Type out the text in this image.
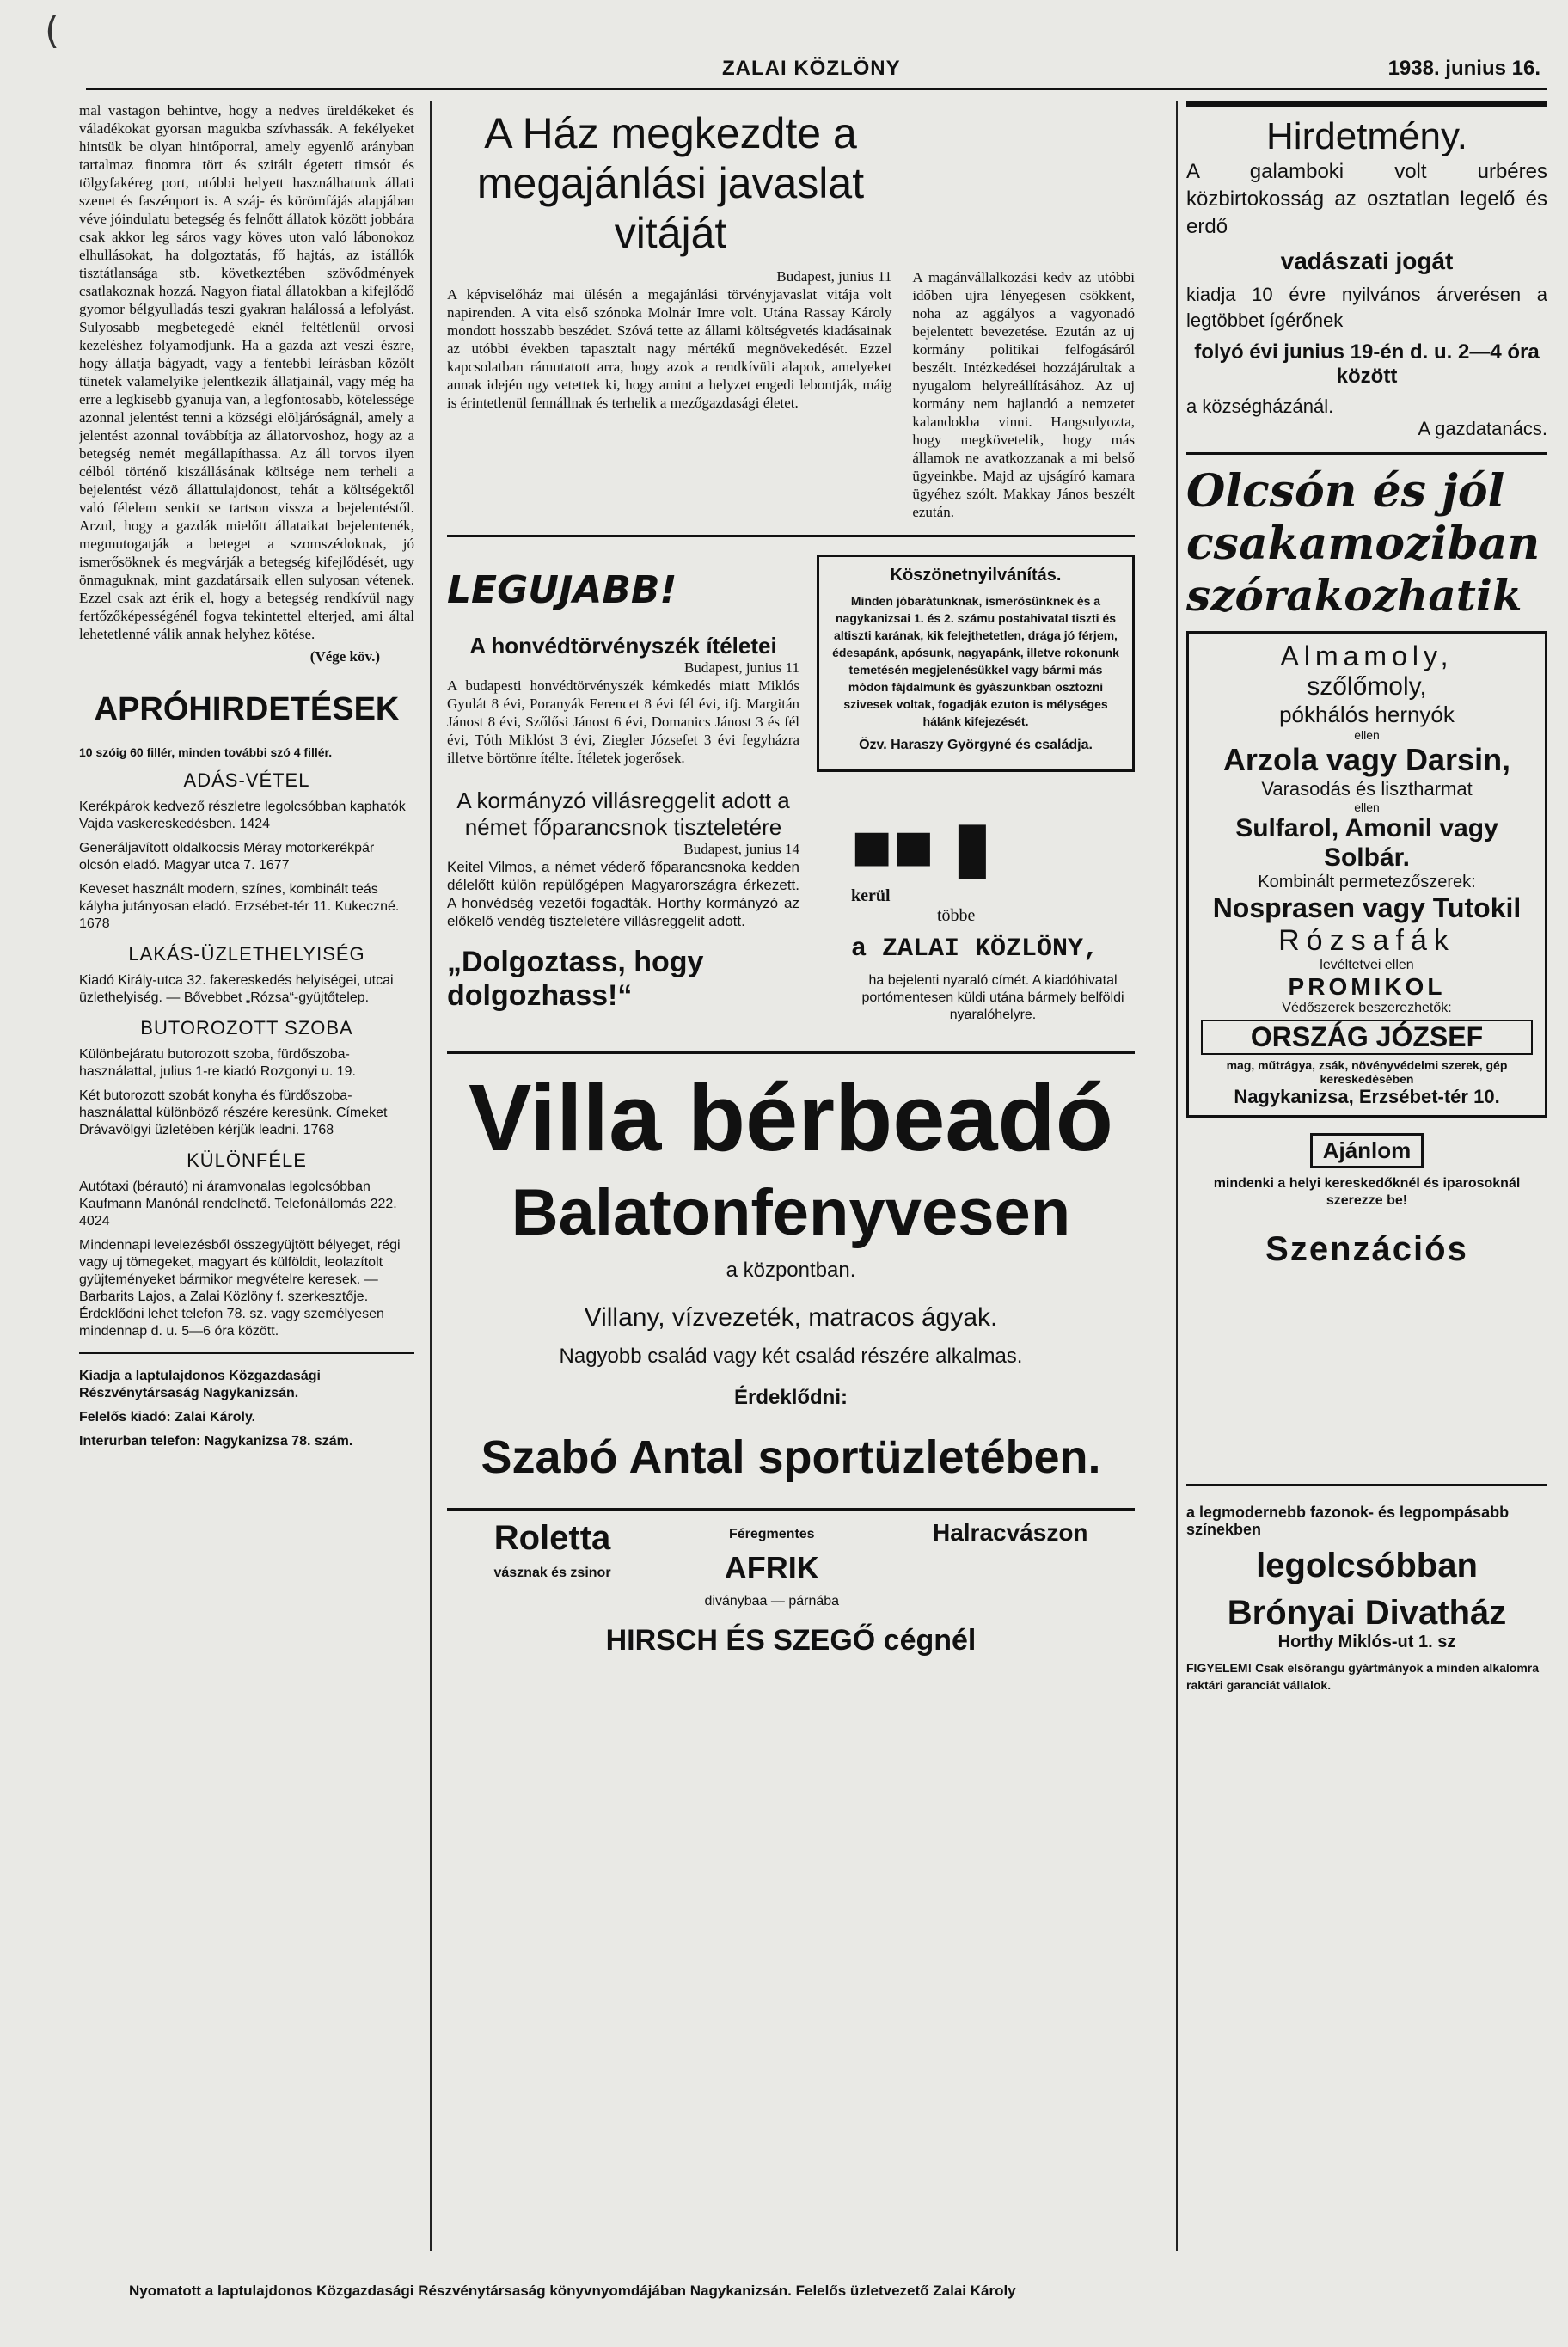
(
ZALAI KÖZLÖNY	1938. junius 16.
mal vastagon behintve, hogy a nedves üreldékeket és váladékokat gyorsan magukba szívhassák. A fekélyeket hintsük be olyan hintőporral, amely egyenlő arányban tartalmaz finomra tört és szitált égetett timsót és tölgyfakéreg port, utóbbi helyett használhatunk állati szenet és faszénport is. A száj- és körömfájás alapjában véve jóindulatu betegség és felnőtt állatok között jobbára csak akkor leg sáros vagy köves uton való lábonokoz elhullásokat, ha dolgoztatás, fő hajtás, az istállók tisztátlansága stb. következtében szövődmények csatlakoznak hozzá. Nagyon fiatal állatokban a kifejlődő gyomor bélgyulladás teszi gyakran halálossá a lefolyást. Sulyosabb megbetegedé eknél feltétlenül orvosi kezeléshez folyamodjunk. Ha a gazda azt veszi észre, hogy állatja bágyadt, vagy a fentebbi leírásban közölt tünetek valamelyike jelentkezik állatjainál, vagy még ha erre a legkisebb gyanuja van, a legfontosabb, kötelessége azonnal jelentést tenni a községi elöljáróságnál, amely a jelentést azonnal továbbítja az állatorvoshoz, hogy az a betegség nemét megállapíthassa. Az áll torvos ilyen célból történő kiszállásának költsége nem terheli a bejelentést vézö állattulajdonost, tehát a költségektől való félelem senkit se tartson vissza a bejelentéstől. Arzul, hogy a gazdák mielőtt állataikat bejelentenék, megmutogatják a beteget a szomszédoknak, jó ismerősöknek és megvárják a betegség kifejlődését, ugy önmaguknak, mint gazdatársaik ellen sulyosan vétenek. Ezzel csak azt érik el, hogy a betegség rendkívül nagy fertőzőképességénél fogva tekintettel elterjed, ami által lehetetlenné válik annak helyhez kötése.
(Vége köv.)
APRÓHIRDETÉSEK
10 szóig 60 fillér, minden további szó 4 fillér.
ADÁS-VÉTEL
Kerékpárok kedvező részletre legolcsóbban kaphatók Vajda vaskereskedésben. 1424
Generáljavított oldalkocsis Méray motorkerékpár olcsón eladó. Magyar utca 7. 1677
Keveset használt modern, színes, kombinált teás kályha jutányosan eladó. Erzsébet-tér 11. Kukeczné. 1678
LAKÁS-ÜZLETHELYISÉG
Kiadó Király-utca 32. fakereskedés helyiségei, utcai üzlethelyiség. — Bővebbet „Rózsa“-gyüjtőtelep.
BUTOROZOTT SZOBA
Különbejáratu butorozott szoba, fürdőszoba-használattal, julius 1-re kiadó Rozgonyi u. 19.
Két butorozott szobát konyha és fürdőszoba-használattal különböző részére keresünk. Címeket Drávavölgyi üzletében kérjük leadni. 1768
KÜLÖNFÉLE
Autótaxi (bérautó) ni áramvonalas legolcsóbban Kaufmann Manónál rendelhető. Telefonállomás 222. 4024
Mindennapi levelezésből összegyüjtött bélyeget, régi vagy uj tömegeket, magyart és külföldit, leolazítolt gyüjteményeket bármikor megvételre keresek. — Barbarits Lajos, a Zalai Közlöny f. szerkesztője. Érdeklődni lehet telefon 78. sz. vagy személyesen mindennap d. u. 5—6 óra között.
Kiadja a laptulajdonos Közgazdasági Részvénytársaság Nagykanizsán.
Felelős kiadó: Zalai Károly.
Interurban telefon: Nagykanizsa 78. szám.
A Ház megkezdte a megajánlási javaslat vitáját
Budapest, junius 11
A képviselőház mai ülésén a megajánlási törvényjavaslat vitája volt napirenden. A vita első szónoka Molnár Imre volt. Utána Rassay Károly mondott hosszabb beszédet. Szóvá tette az állami költségvetés kiadásainak az utóbbi években tapasztalt nagy mértékű megnövekedését. Ezzel kapcsolatban rámutatott arra, hogy azok a rendkívüli alapok, amelyeket annak idején ugy vetettek ki, hogy amint a helyzet engedi lebontják, máig is érintetlenül fennállnak és terhelik a mezőgazdasági életet.
A magánvállalkozási kedv az utóbbi időben ujra lényegesen csökkent, noha az aggályos a vagyonadó bejelentett bevezetése. Ezután az uj kormány politikai felfogásáról beszélt. Intézkedései hozzájárultak a nyugalom helyreállításához. Az uj kormány nem hajlandó a nemzetet kalandokba vinni. Hangsulyozta, hogy megkövetelik, hogy más államok ne avatkozzanak a mi belső ügyeinkbe. Majd az ujságíró kamara ügyéhez szólt. Makkay János beszélt ezután.
LEGUJABB!
A honvédtörvényszék ítéletei
Budapest, junius 11
A budapesti honvédtörvényszék kémkedés miatt Miklós Gyulát 8 évi, Poranyák Ferencet 8 évi fél évi, ifj. Margitán Jánost 8 évi, Szőlősi Jánost 6 évi, Domanics Jánost 3 és fél évi, Tóth Miklóst 3 évi, Ziegler Józsefet 3 évi fegyházra illetve börtönre ítélte. Ítéletek jogerősek.
A kormányzó villásreggelit adott a német főparancsnok tiszteletére
Budapest, junius 14
Keitel Vilmos, a német véderő főparancsnoka kedden délelőtt külön repülőgépen Magyarországra érkezett. A honvédség vezetői fogadták. Horthy kormányzó az előkelő vendég tiszteletére villásreggelit adott.
„Dolgoztass, hogy dolgozhass!“
Köszönetnyilvánítás.
Minden jóbarátunknak, ismerősünknek és a nagykanizsai 1. és 2. számu postahivatal tiszti és altiszti karának, kik felejthetetlen, drága jó férjem, édesapánk, apósunk, nagyapánk, illetve rokonunk temetésén megjelenésükkel vagy bármi más módon fájdalmunk és gyászunkban osztozni szivesek voltak, fogadják ezuton is mélységes hálánk kifejezését.
Özv. Haraszy Györgyné és családja.
■■ ▮
kerül
többe
a ZALAI KÖZLÖNY,
ha bejelenti nyaraló címét. A kiadóhivatal portómentesen küldi utána bármely belföldi nyaralóhelyre.
Villa bérbeadó
Balatonfenyvesen
a központban.
Villany, vízvezeték, matracos ágyak.
Nagyobb család vagy két család részére alkalmas.
Érdeklődni:
Szabó Antal sportüzletében.
Roletta
vásznak és zsinor
Féregmentes
AFRIK
diványbaa — párnába
Halracvászon
HIRSCH ÉS SZEGŐ cégnél
Hirdetmény.
A galamboki volt urbéres közbirtokosság az osztatlan legelő és erdő
vadászati jogát
kiadja 10 évre nyilvános árverésen a legtöbbet ígérőnek
folyó évi junius 19-én d. u. 2—4 óra között
a községházánál.
A gazdatanács.
Olcsón és jól
csakamoziban
szórakozhatik
Almamoly,
szőlőmoly,
pókhálós hernyók
ellen
Arzola vagy Darsin,
Varasodás és lisztharmat
ellen
Sulfarol, Amonil vagy Solbár.
Kombinált permetezőszerek:
Nosprasen vagy Tutokil
Rózsafák
levéltetvei ellen
PROMIKOL
Védőszerek beszerezhetők:
ORSZÁG JÓZSEF
mag, műtrágya, zsák, növényvédelmi szerek, gép kereskedésében
Nagykanizsa, Erzsébet-tér 10.
Ajánlom
mindenki a helyi kereskedőknél és iparosoknál szerezze be!
Szenzációs
a legmodernebb fazonok- és legpompásabb színekben
legolcsóbban
Brónyai Divatház
Horthy Miklós-ut 1. sz
FIGYELEM! Csak elsőrangu gyártmányok a minden alkalomra raktári garanciát vállalok.
Nyomatott a laptulajdonos Közgazdasági Részvénytársaság könyvnyomdájában Nagykanizsán. Felelős üzletvezető Zalai Károly
